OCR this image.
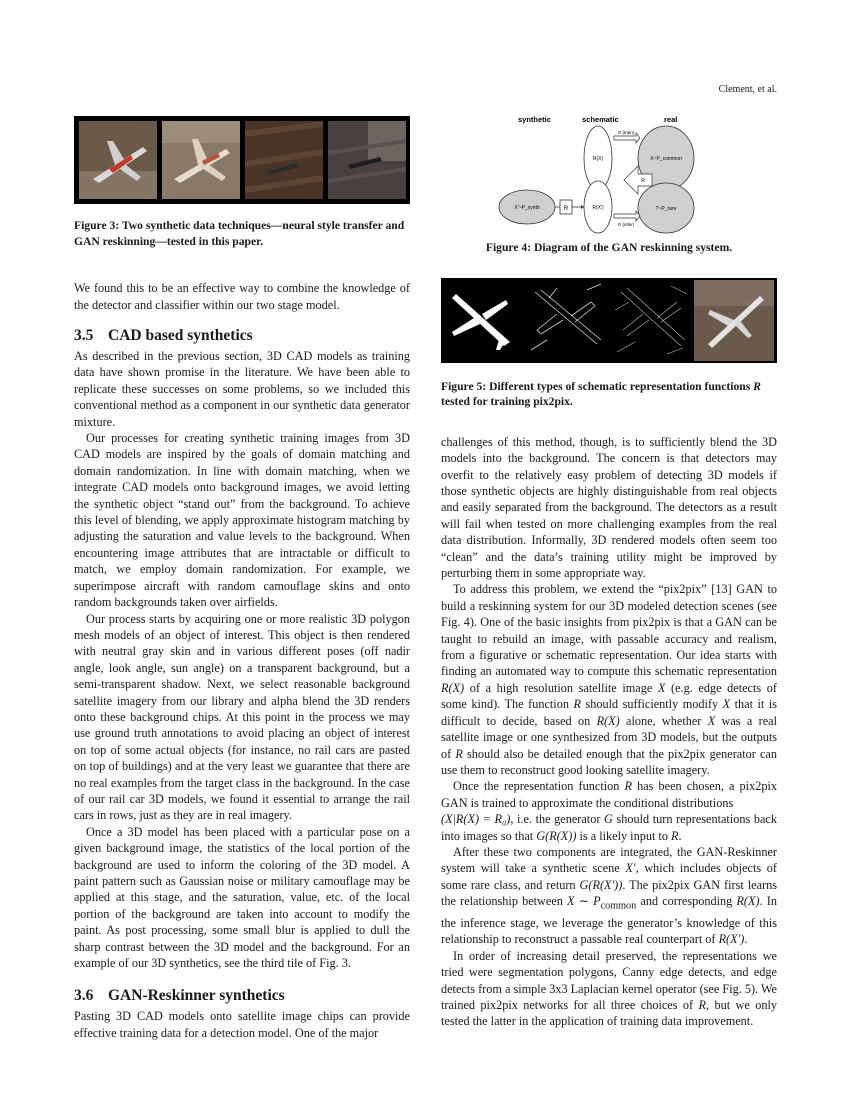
Clement, et al.

Figure 3: Two synthetic data techniques—neural style transfer and GAN reskinning—tested in this paper.

We found this to be an effective way to combine the knowledge of the detector and classifier within our two stage model.

3.5 CAD based synthetics

As described in the previous section, 3D CAD models as training data have shown promise in the literature. We have been able to replicate these successes on some problems, so we included this conventional method as a component in our synthetic data generator mixture.

Our processes for creating synthetic training images from 3D CAD models are inspired by the goals of domain matching and domain randomization. In line with domain matching, when we integrate CAD models onto background images, we avoid letting the synthetic object “stand out” from the background. To achieve this level of blending, we apply approximate histogram matching by adjusting the saturation and value levels to the background. When encountering image attributes that are intractable or difficult to match, we employ domain randomization. For example, we superimpose aircraft with random camouflage skins and onto random backgrounds taken over airfields.

Our process starts by acquiring one or more realistic 3D polygon mesh models of an object of interest. This object is then rendered with neutral gray skin and in various different poses (off nadir angle, look angle, sun angle) on a transparent background, but a semi-transparent shadow. Next, we select reasonable background satellite imagery from our library and alpha blend the 3D renders onto these background chips. At this point in the process we may use ground truth annotations to avoid placing an object of interest on top of some actual objects (for instance, no rail cars are pasted on top of buildings) and at the very least we guarantee that there are no real examples from the target class in the background. In the case of our rail car 3D models, we found it essential to arrange the rail cars in rows, just as they are in real imagery.

Once a 3D model has been placed with a particular pose on a given background image, the statistics of the local portion of the background are used to inform the coloring of the 3D model. A paint pattern such as Gaussian noise or military camouflage may be applied at this stage, and the saturation, value, etc. of the local portion of the background are taken into account to modify the paint. As post processing, some small blur is applied to dull the sharp contrast between the 3D model and the background. For an example of our 3D synthetics, see the third tile of Fig. 3.

3.6 GAN-Reskinner synthetics

Pasting 3D CAD models onto satellite image chips can provide effective training data for a detection model. One of the major

synthetic	schematic	real
R(X)	X~P_common
X'~P_synth	R	R(X')	?~P_rare
G (train)
R
G (infer)

Figure 4: Diagram of the GAN reskinning system.

Figure 5: Different types of schematic representation functions R tested for training pix2pix.

challenges of this method, though, is to sufficiently blend the 3D models into the background. The concern is that detectors may overfit to the relatively easy problem of detecting 3D models if those synthetic objects are highly distinguishable from real objects and easily separated from the background. The detectors as a result will fail when tested on more challenging examples from the real data distribution. Informally, 3D rendered models often seem too “clean” and the data’s training utility might be improved by perturbing them in some appropriate way.

To address this problem, we extend the “pix2pix” [13] GAN to build a reskinning system for our 3D modeled detection scenes (see Fig. 4). One of the basic insights from pix2pix is that a GAN can be taught to rebuild an image, with passable accuracy and realism, from a figurative or schematic representation. Our idea starts with finding an automated way to compute this schematic representation R(X) of a high resolution satellite image X (e.g. edge detects of some kind). The function R should sufficiently modify X that it is difficult to decide, based on R(X) alone, whether X was a real satellite image or one synthesized from 3D models, but the outputs of R should also be detailed enough that the pix2pix generator can use them to reconstruct good looking satellite imagery.

Once the representation function R has been chosen, a pix2pix GAN is trained to approximate the conditional distributions
(X|R(X) = R₀), i.e. the generator G should turn representations back into images so that G(R(X)) is a likely input to R.

After these two components are integrated, the GAN-Reskinner system will take a synthetic scene X′, which includes objects of some rare class, and return G(R(X′)). The pix2pix GAN first learns the relationship between X ∼ $P_{common}$ and corresponding R(X). In the inference stage, we leverage the generator’s knowledge of this relationship to reconstruct a passable real counterpart of R(X′).

In order of increasing detail preserved, the representations we tried were segmentation polygons, Canny edge detects, and edge detects from a simple 3x3 Laplacian kernel operator (see Fig. 5). We trained pix2pix networks for all three choices of R, but we only tested the latter in the application of training data improvement.
